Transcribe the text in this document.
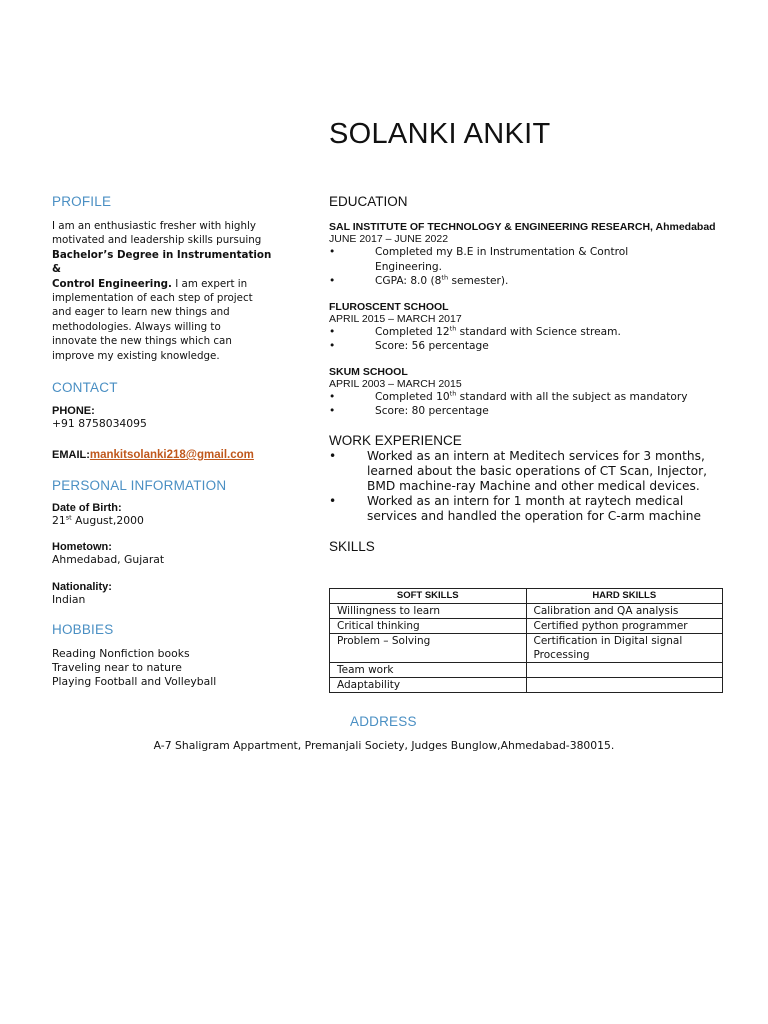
SOLANKI ANKIT
PROFILE
I am an enthusiastic fresher with highly
motivated and leadership skills pursuing
Bachelor’s Degree in Instrumentation &
Control Engineering. I am expert in
implementation of each step of project
and eager to learn new things and
methodologies. Always willing to
innovate the new things which can
improve my existing knowledge.
CONTACT
PHONE:
+91 8758034095
EMAIL:mankitsolanki218@gmail.com
PERSONAL INFORMATION
Date of Birth:
21st August,2000
Hometown:
Ahmedabad, Gujarat
Nationality:
Indian
HOBBIES
Reading Nonfiction books
Traveling near to nature
Playing Football and Volleyball
EDUCATION
SAL INSTITUTE OF TECHNOLOGY & ENGINEERING RESEARCH, Ahmedabad
JUNE 2017 – JUNE 2022
•	Completed my B.E in Instrumentation & Control
Engineering.
•	CGPA: 8.0 (8th semester).
FLUROSCENT SCHOOL
APRIL 2015 – MARCH 2017
•	Completed 12th standard with Science stream.
•	Score: 56 percentage
SKUM SCHOOL
APRIL 2003 – MARCH 2015
•	Completed 10th standard with all the subject as mandatory
•	Score: 80 percentage
WORK EXPERIENCE
•	Worked as an intern at Meditech services for 3 months,
learned about the basic operations of CT Scan, Injector,
BMD machine-ray Machine and other medical devices.
•	Worked as an intern for 1 month at raytech medical
services and handled the operation for C-arm machine
SKILLS
SOFT SKILLS	HARD SKILLS
Willingness to learn	Calibration and QA analysis
Critical thinking	Certified python programmer
Problem – Solving	Certification in Digital signal Processing
Team work	
Adaptability	
ADDRESS
A-7 Shaligram Appartment, Premanjali Society, Judges Bunglow,Ahmedabad-380015.
